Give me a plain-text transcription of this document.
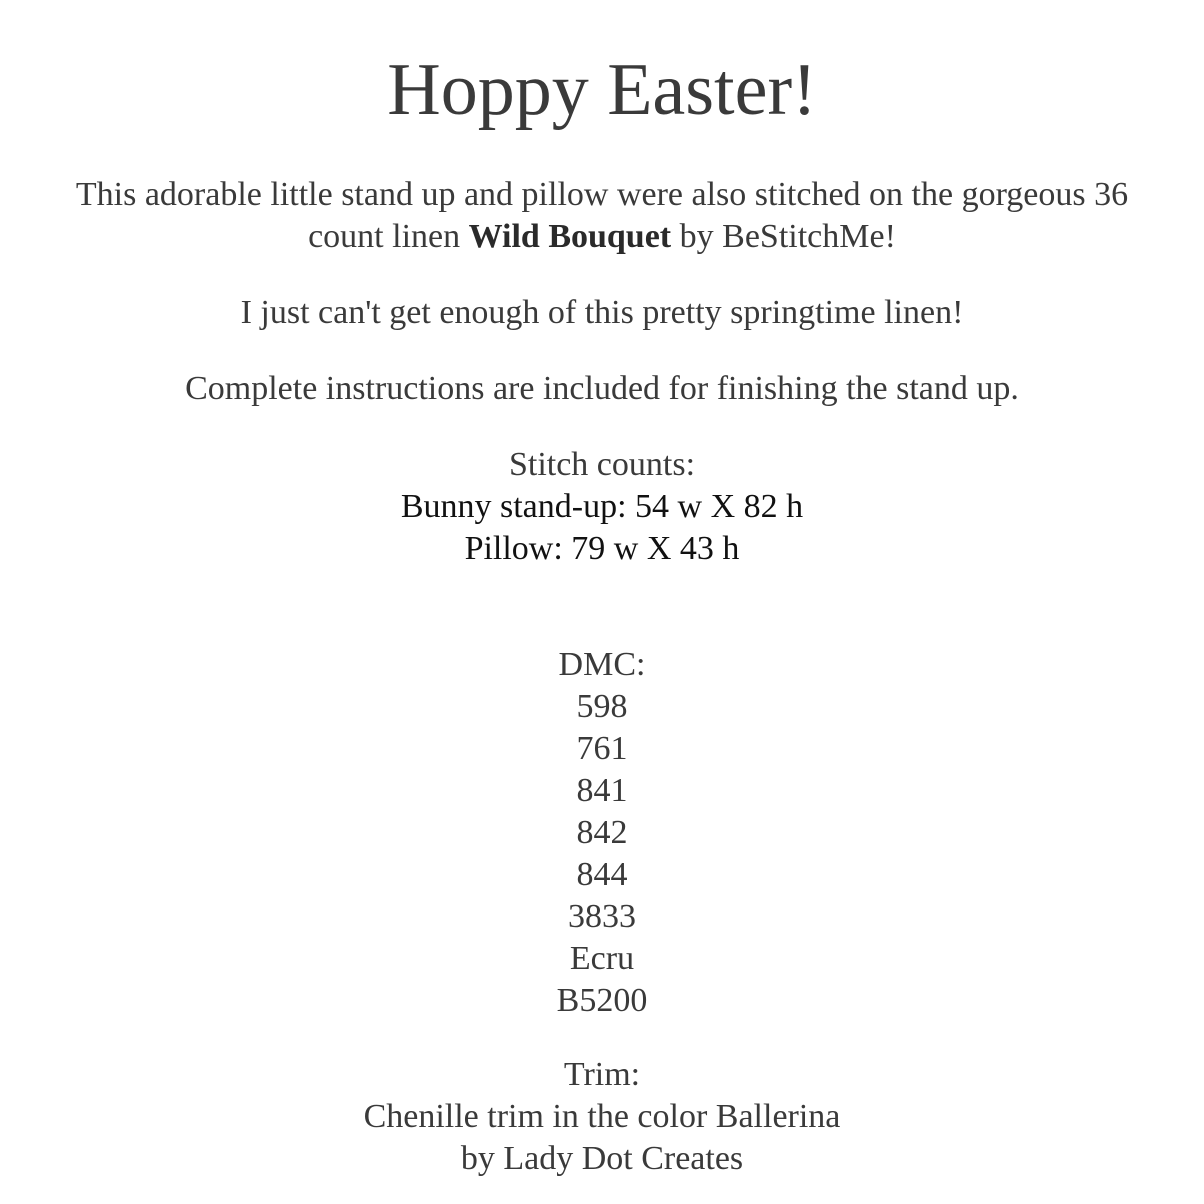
Hoppy Easter!

This adorable little stand up and pillow were also stitched on the gorgeous 36 count linen Wild Bouquet by BeStitchMe!

I just can't get enough of this pretty springtime linen!

Complete instructions are included for finishing the stand up.

Stitch counts:
Bunny stand-up: 54 w X 82 h
Pillow: 79 w X 43 h
DMC:
598
761
841
842
844
3833
Ecru
B5200
Trim:
Chenille trim in the color Ballerina
by Lady Dot Creates
